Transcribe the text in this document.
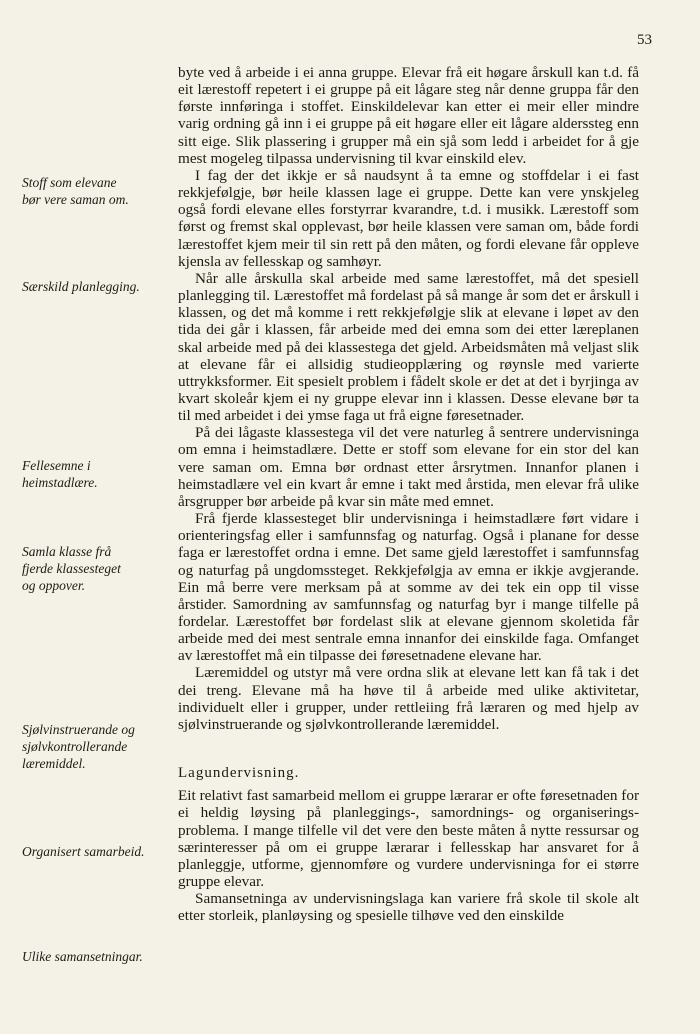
53
Stoff som elevane
bør vere saman om.
Særskild planlegging.
Fellesemne i
heimstadlære.
Samla klasse frå
fjerde klassesteget
og oppover.
Sjølvinstruerande og
sjølvkontrollerande
læremiddel.
Organisert samarbeid.
Ulike samansetningar.

byte ved å arbeide i ei anna gruppe. Elevar frå eit høgare årskull kan t.d. få eit lærestoff repetert i ei gruppe på eit lågare steg når denne gruppa får den første innføringa i stoffet. Einskildelevar kan etter ei meir eller mindre varig ordning gå inn i ei gruppe på eit høgare eller eit lågare alderssteg enn sitt eige. Slik plassering i grupper må ein sjå som ledd i arbeidet for å gje mest mogeleg tilpassa undervisning til kvar einskild elev.

I fag der det ikkje er så naudsynt å ta emne og stoffdelar i ei fast rekkjefølgje, bør heile klassen lage ei gruppe. Dette kan vere ynskjeleg også fordi elevane elles forstyrrar kvarandre, t.d. i musikk. Lærestoff som først og fremst skal opplevast, bør heile klassen vere saman om, både fordi lærestoffet kjem meir til sin rett på den måten, og fordi elevane får oppleve kjensla av fellesskap og samhøyr.

Når alle årskulla skal arbeide med same lærestoffet, må det spesiell planlegging til. Lærestoffet må fordelast på så mange år som det er årskull i klassen, og det må komme i rett rekkjefølgje slik at elevane i løpet av den tida dei går i klassen, får arbeide med dei emna som dei etter læreplanen skal arbeide med på dei klassestega det gjeld. Arbeidsmåten må veljast slik at elevane får ei allsidig studieopplæring og røynsle med varierte uttrykksformer. Eit spesielt problem i fådelt skole er det at det i byrjinga av kvart skoleår kjem ei ny gruppe elevar inn i klassen. Desse elevane bør ta til med arbeidet i dei ymse faga ut frå eigne føresetnader.

På dei lågaste klassestega vil det vere naturleg å sentrere undervisninga om emna i heimstadlære. Dette er stoff som elevane for ein stor del kan vere saman om. Emna bør ordnast etter årsrytmen. Innanfor planen i heimstadlære vel ein kvart år emne i takt med årstida, men elevar frå ulike årsgrupper bør arbeide på kvar sin måte med emnet.

Frå fjerde klassesteget blir undervisninga i heimstadlære ført vidare i orienteringsfag eller i samfunnsfag og naturfag. Også i planane for desse faga er lærestoffet ordna i emne. Det same gjeld lærestoffet i samfunnsfag og naturfag på ungdomssteget. Rekkjefølgja av emna er ikkje avgjerande. Ein må berre vere merksam på at somme av dei tek ein opp til visse årstider. Samordning av samfunnsfag og naturfag byr i mange tilfelle på fordelar. Lærestoffet bør fordelast slik at elevane gjennom skoletida får arbeide med dei mest sentrale emna innanfor dei einskilde faga. Omfanget av lærestoffet må ein tilpasse dei føresetnadene elevane har.

Læremiddel og utstyr må vere ordna slik at elevane lett kan få tak i det dei treng. Elevane må ha høve til å arbeide med ulike aktivitetar, individuelt eller i grupper, under rettleiing frå læraren og med hjelp av sjølvinstruerande og sjølvkontrollerande læremiddel.

Lagundervisning.

Eit relativt fast samarbeid mellom ei gruppe lærarar er ofte føresetnaden for ei heldig løysing på planleggings-, samordnings- og organiseringsproblema. I mange tilfelle vil det vere den beste måten å nytte ressursar og særinteresser på om ei gruppe lærarar i fellesskap har ansvaret for å planleggje, utforme, gjennomføre og vurdere undervisninga for ei større gruppe elevar.

Samansetninga av undervisningslaga kan variere frå skole til skole alt etter storleik, planløysing og spesielle tilhøve ved den einskilde
